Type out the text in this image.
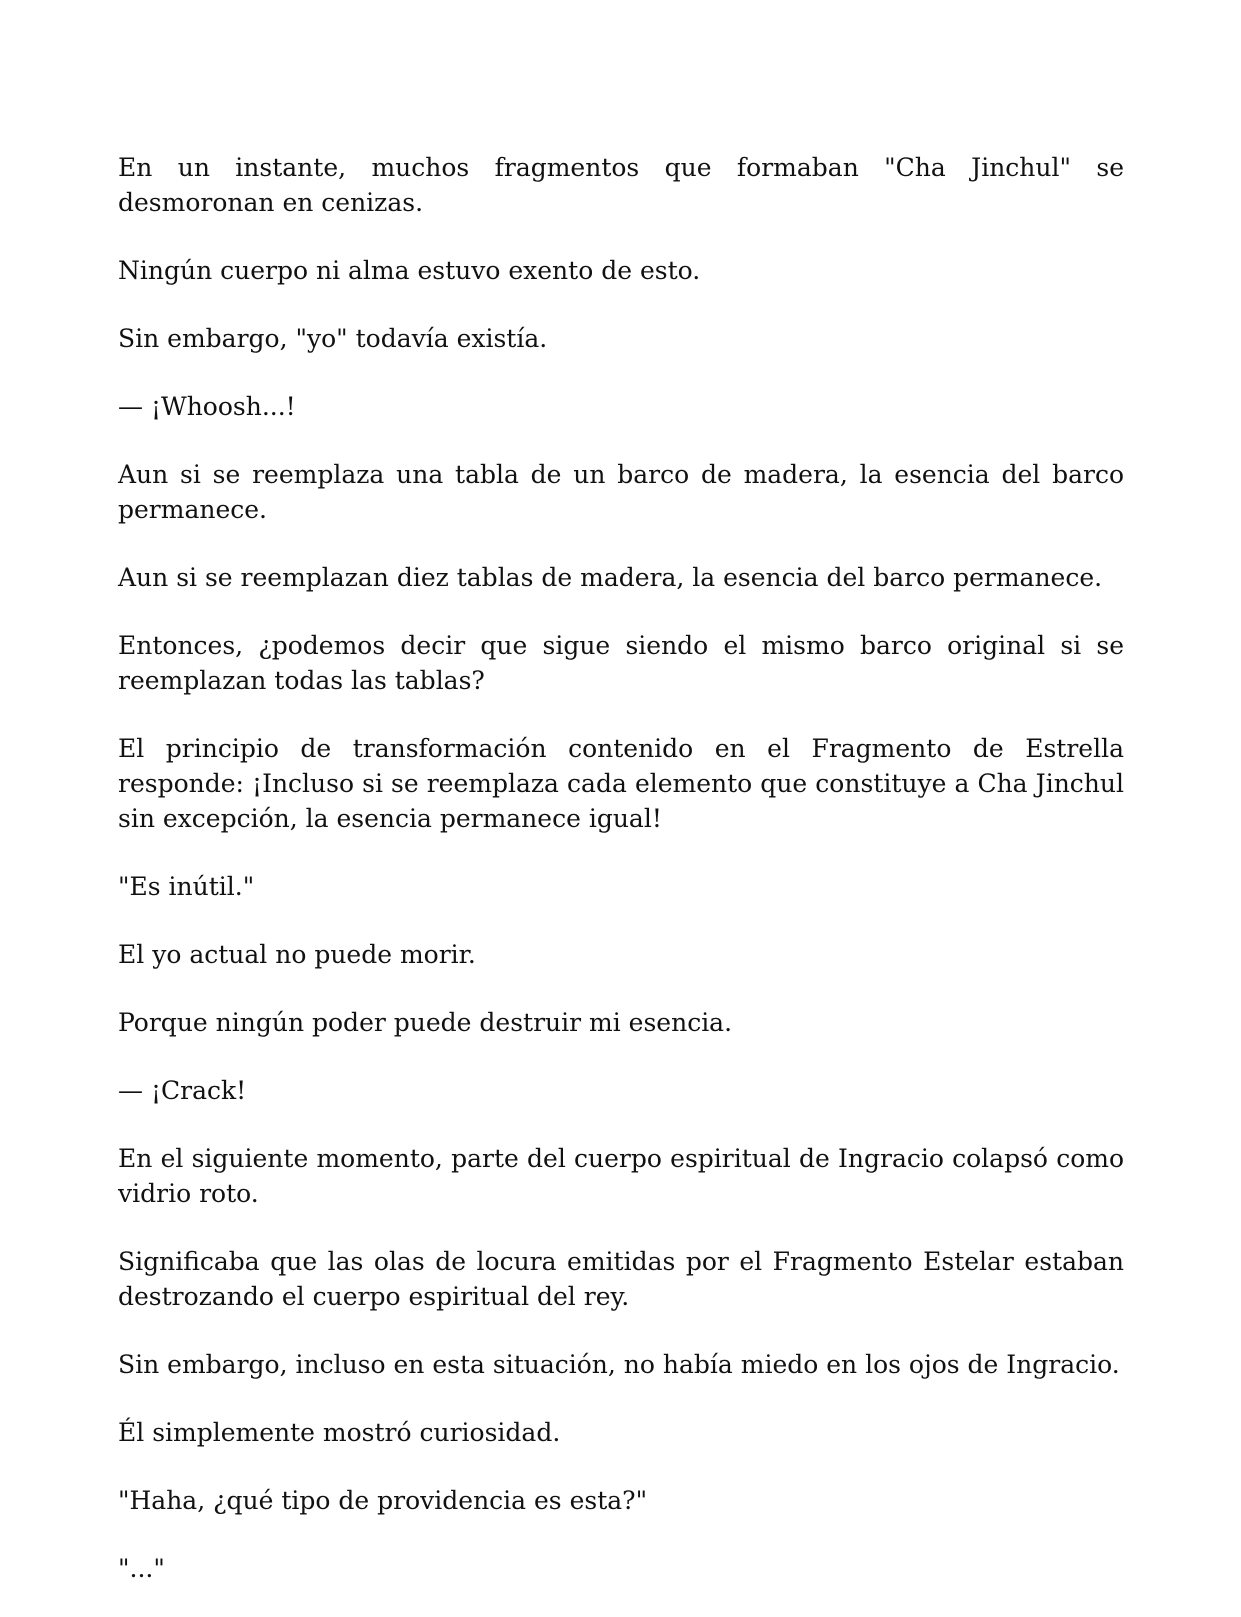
En un instante, muchos fragmentos que formaban "Cha Jinchul" se desmoronan en cenizas.

Ningún cuerpo ni alma estuvo exento de esto.

Sin embargo, "yo" todavía existía.

— ¡Whoosh...!

Aun si se reemplaza una tabla de un barco de madera, la esencia del barco permanece.

Aun si se reemplazan diez tablas de madera, la esencia del barco permanece.

Entonces, ¿podemos decir que sigue siendo el mismo barco original si se reemplazan todas las tablas?

El principio de transformación contenido en el Fragmento de Estrella responde: ¡Incluso si se reemplaza cada elemento que constituye a Cha Jinchul sin excepción, la esencia permanece igual!

"Es inútil."

El yo actual no puede morir.

Porque ningún poder puede destruir mi esencia.

— ¡Crack!

En el siguiente momento, parte del cuerpo espiritual de Ingracio colapsó como vidrio roto.

Significaba que las olas de locura emitidas por el Fragmento Estelar estaban destrozando el cuerpo espiritual del rey.

Sin embargo, incluso en esta situación, no había miedo en los ojos de Ingracio.

Él simplemente mostró curiosidad.

"Haha, ¿qué tipo de providencia es esta?"

"..."
